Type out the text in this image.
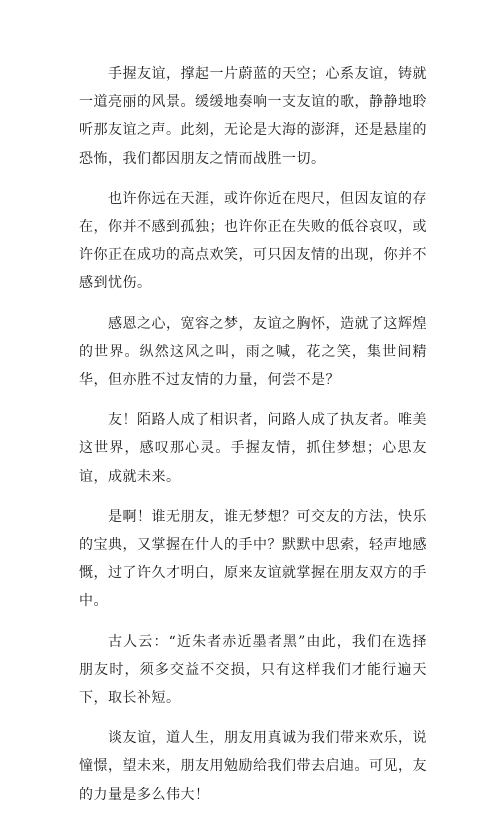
手握友谊，撑起一片蔚蓝的天空；心系友谊，铸就一道亮丽的风景。缓缓地奏响一支友谊的歌，静静地聆听那友谊之声。此刻，无论是大海的澎湃，还是悬崖的恐怖，我们都因朋友之情而战胜一切。

也许你远在天涯，或许你近在咫尺，但因友谊的存在，你并不感到孤独；也许你正在失败的低谷哀叹，或许你正在成功的高点欢笑，可只因友情的出现，你并不感到忧伤。

感恩之心，宽容之梦，友谊之胸怀，造就了这辉煌的世界。纵然这风之叫，雨之喊，花之笑，集世间精华，但亦胜不过友情的力量，何尝不是？

友！陌路人成了相识者，问路人成了执友者。唯美这世界，感叹那心灵。手握友情，抓住梦想；心思友谊，成就未来。

是啊！谁无朋友，谁无梦想？可交友的方法，快乐的宝典，又掌握在什人的手中？默默中思索，轻声地感慨，过了许久才明白，原来友谊就掌握在朋友双方的手中。

古人云：“近朱者赤近墨者黑”由此，我们在选择朋友时，须多交益不交损，只有这样我们才能行遍天下，取长补短。

谈友谊，道人生，朋友用真诚为我们带来欢乐，说憧憬，望未来，朋友用勉励给我们带去启迪。可见，友的力量是多么伟大！
